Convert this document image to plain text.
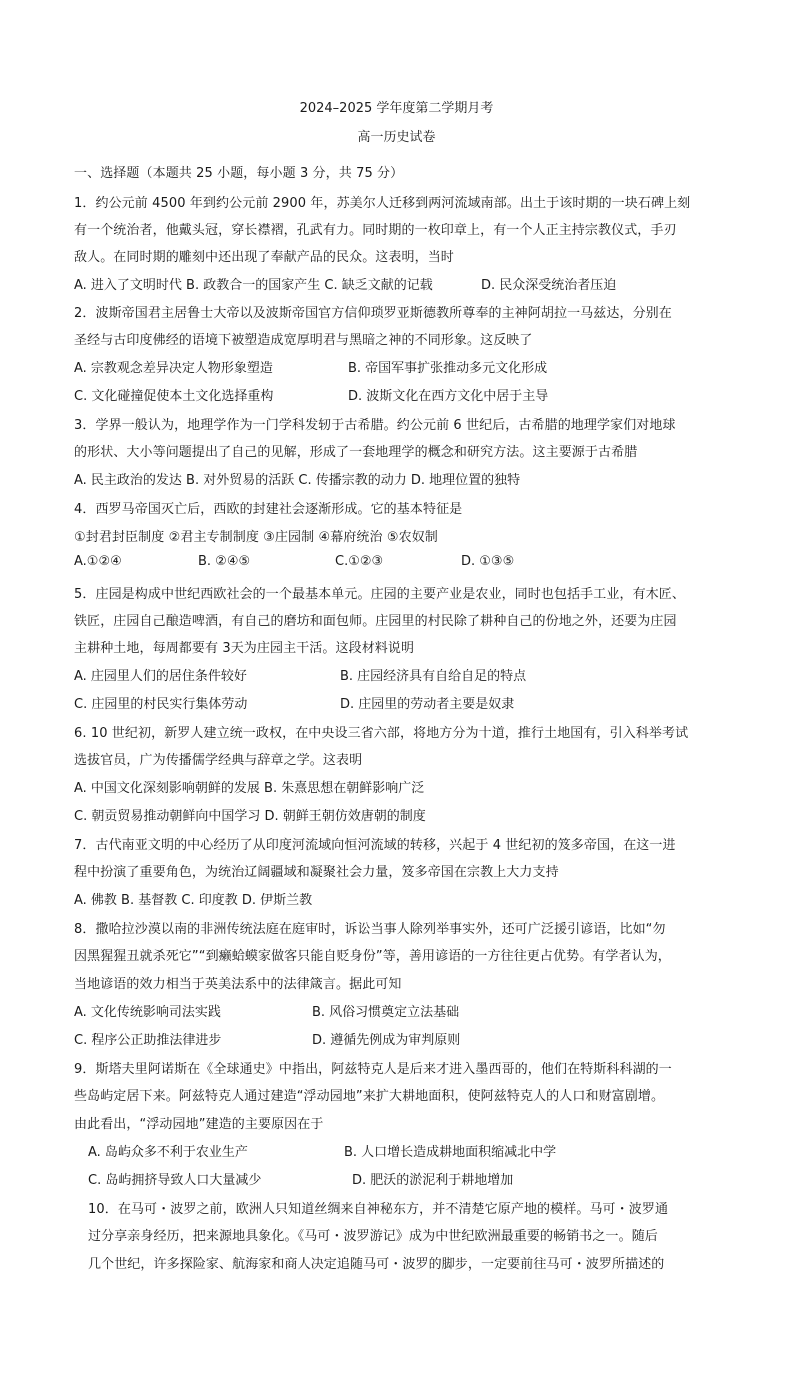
2024–2025 学年度第二学期月考
高一历史试卷
一、选择题（本题共 25 小题，每小题 3 分，共 75 分）
1．约公元前 4500 年到约公元前 2900 年，苏美尔人迁移到两河流域南部。出土于该时期的一块石碑上刻
有一个统治者，他戴头冠，穿长襟褶，孔武有力。同时期的一枚印章上，有一个人正主持宗教仪式，手刃
敌人。在同时期的雕刻中还出现了奉献产品的民众。这表明，当时
A. 进入了文明时代 B. 政教合一的国家产生 C. 缺乏文献的记载	D. 民众深受统治者压迫
2．波斯帝国君主居鲁士大帝以及波斯帝国官方信仰琐罗亚斯德教所尊奉的主神阿胡拉一马兹达，分别在
圣经与古印度佛经的语境下被塑造成宽厚明君与黑暗之神的不同形象。这反映了
A. 宗教观念差异决定人物形象塑造	B. 帝国军事扩张推动多元文化形成
C. 文化碰撞促使本土文化选择重构	D. 波斯文化在西方文化中居于主导
3．学界一般认为，地理学作为一门学科发轫于古希腊。约公元前 6 世纪后，古希腊的地理学家们对地球
的形状、大小等问题提出了自己的见解，形成了一套地理学的概念和研究方法。这主要源于古希腊
A. 民主政治的发达 B. 对外贸易的活跃 C. 传播宗教的动力 D. 地理位置的独特
4．西罗马帝国灭亡后，西欧的封建社会逐渐形成。它的基本特征是
①封君封臣制度 ②君主专制制度 ③庄园制 ④幕府统治 ⑤农奴制
A.①②④	B. ②④⑤	C.①②③	D. ①③⑤
5．庄园是构成中世纪西欧社会的一个最基本单元。庄园的主要产业是农业，同时也包括手工业，有木匠、
铁匠，庄园自己酿造啤酒，有自己的磨坊和面包师。庄园里的村民除了耕种自己的份地之外，还要为庄园
主耕种土地，每周都要有 3天为庄园主干活。这段材料说明
A. 庄园里人们的居住条件较好	B. 庄园经济具有自给自足的特点
C. 庄园里的村民实行集体劳动	D. 庄园里的劳动者主要是奴隶
6. 10 世纪初，新罗人建立统一政权，在中央设三省六部，将地方分为十道，推行土地国有，引入科举考试
选拔官员，广为传播儒学经典与辞章之学。这表明
A. 中国文化深刻影响朝鲜的发展 B. 朱熹思想在朝鲜影响广泛
C. 朝贡贸易推动朝鲜向中国学习 D. 朝鲜王朝仿效唐朝的制度
7．古代南亚文明的中心经历了从印度河流域向恒河流域的转移，兴起于 4 世纪初的笈多帝国，在这一进
程中扮演了重要角色，为统治辽阔疆域和凝聚社会力量，笈多帝国在宗教上大力支持
A. 佛教 B. 基督教 C. 印度教 D. 伊斯兰教
8．撒哈拉沙漠以南的非洲传统法庭在庭审时，诉讼当事人除列举事实外，还可广泛援引谚语，比如“勿
因黑猩猩丑就杀死它”“到癞蛤蟆家做客只能自贬身份”等，善用谚语的一方往往更占优势。有学者认为，
当地谚语的效力相当于英美法系中的法律箴言。据此可知
A. 文化传统影响司法实践	B. 风俗习惯奠定立法基础
C. 程序公正助推法律进步	D. 遵循先例成为审判原则
9．斯塔夫里阿诺斯在《全球通史》中指出，阿兹特克人是后来才进入墨西哥的，他们在特斯科科湖的一
些岛屿定居下来。阿兹特克人通过建造“浮动园地”来扩大耕地面积，使阿兹特克人的人口和财富剧增。
由此看出，“浮动园地”建造的主要原因在于
A. 岛屿众多不利于农业生产	B. 人口增长造成耕地面积缩减北中学
C. 岛屿拥挤导致人口大量减少	D. 肥沃的淤泥利于耕地增加
10．在马可・波罗之前，欧洲人只知道丝绸来自神秘东方，并不清楚它原产地的模样。马可・波罗通
过分享亲身经历，把来源地具象化。《马可・波罗游记》成为中世纪欧洲最重要的畅销书之一。随后
几个世纪，许多探险家、航海家和商人决定追随马可・波罗的脚步，一定要前往马可・波罗所描述的
